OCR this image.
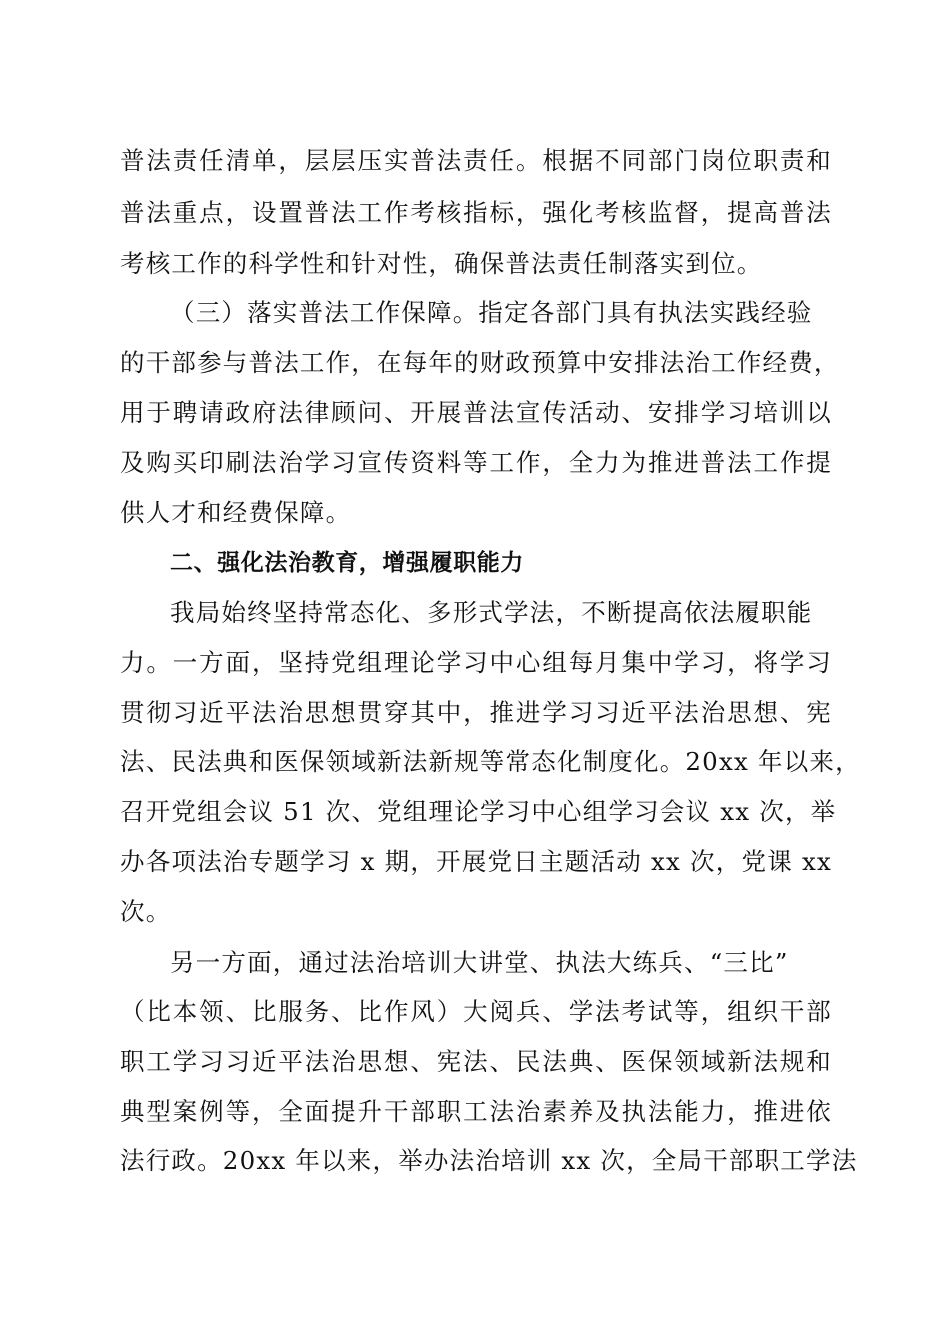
普法责任清单，层层压实普法责任。根据不同部门岗位职责和
普法重点，设置普法工作考核指标，强化考核监督，提高普法
考核工作的科学性和针对性，确保普法责任制落实到位。
（三）落实普法工作保障。指定各部门具有执法实践经验
的干部参与普法工作，在每年的财政预算中安排法治工作经费，
用于聘请政府法律顾问、开展普法宣传活动、安排学习培训以
及购买印刷法治学习宣传资料等工作，全力为推进普法工作提
供人才和经费保障。
二、强化法治教育，增强履职能力
我局始终坚持常态化、多形式学法，不断提高依法履职能
力。一方面，坚持党组理论学习中心组每月集中学习，将学习
贯彻习近平法治思想贯穿其中，推进学习习近平法治思想、宪
法、民法典和医保领域新法新规等常态化制度化。20xx 年以来，
召开党组会议 51 次、党组理论学习中心组学习会议 xx 次，举
办各项法治专题学习 x 期，开展党日主题活动 xx 次，党课 xx
次。
另一方面，通过法治培训大讲堂、执法大练兵、“三比”
（比本领、比服务、比作风）大阅兵、学法考试等，组织干部
职工学习习近平法治思想、宪法、民法典、医保领域新法规和
典型案例等，全面提升干部职工法治素养及执法能力，推进依
法行政。20xx 年以来，举办法治培训 xx 次，全局干部职工学法
